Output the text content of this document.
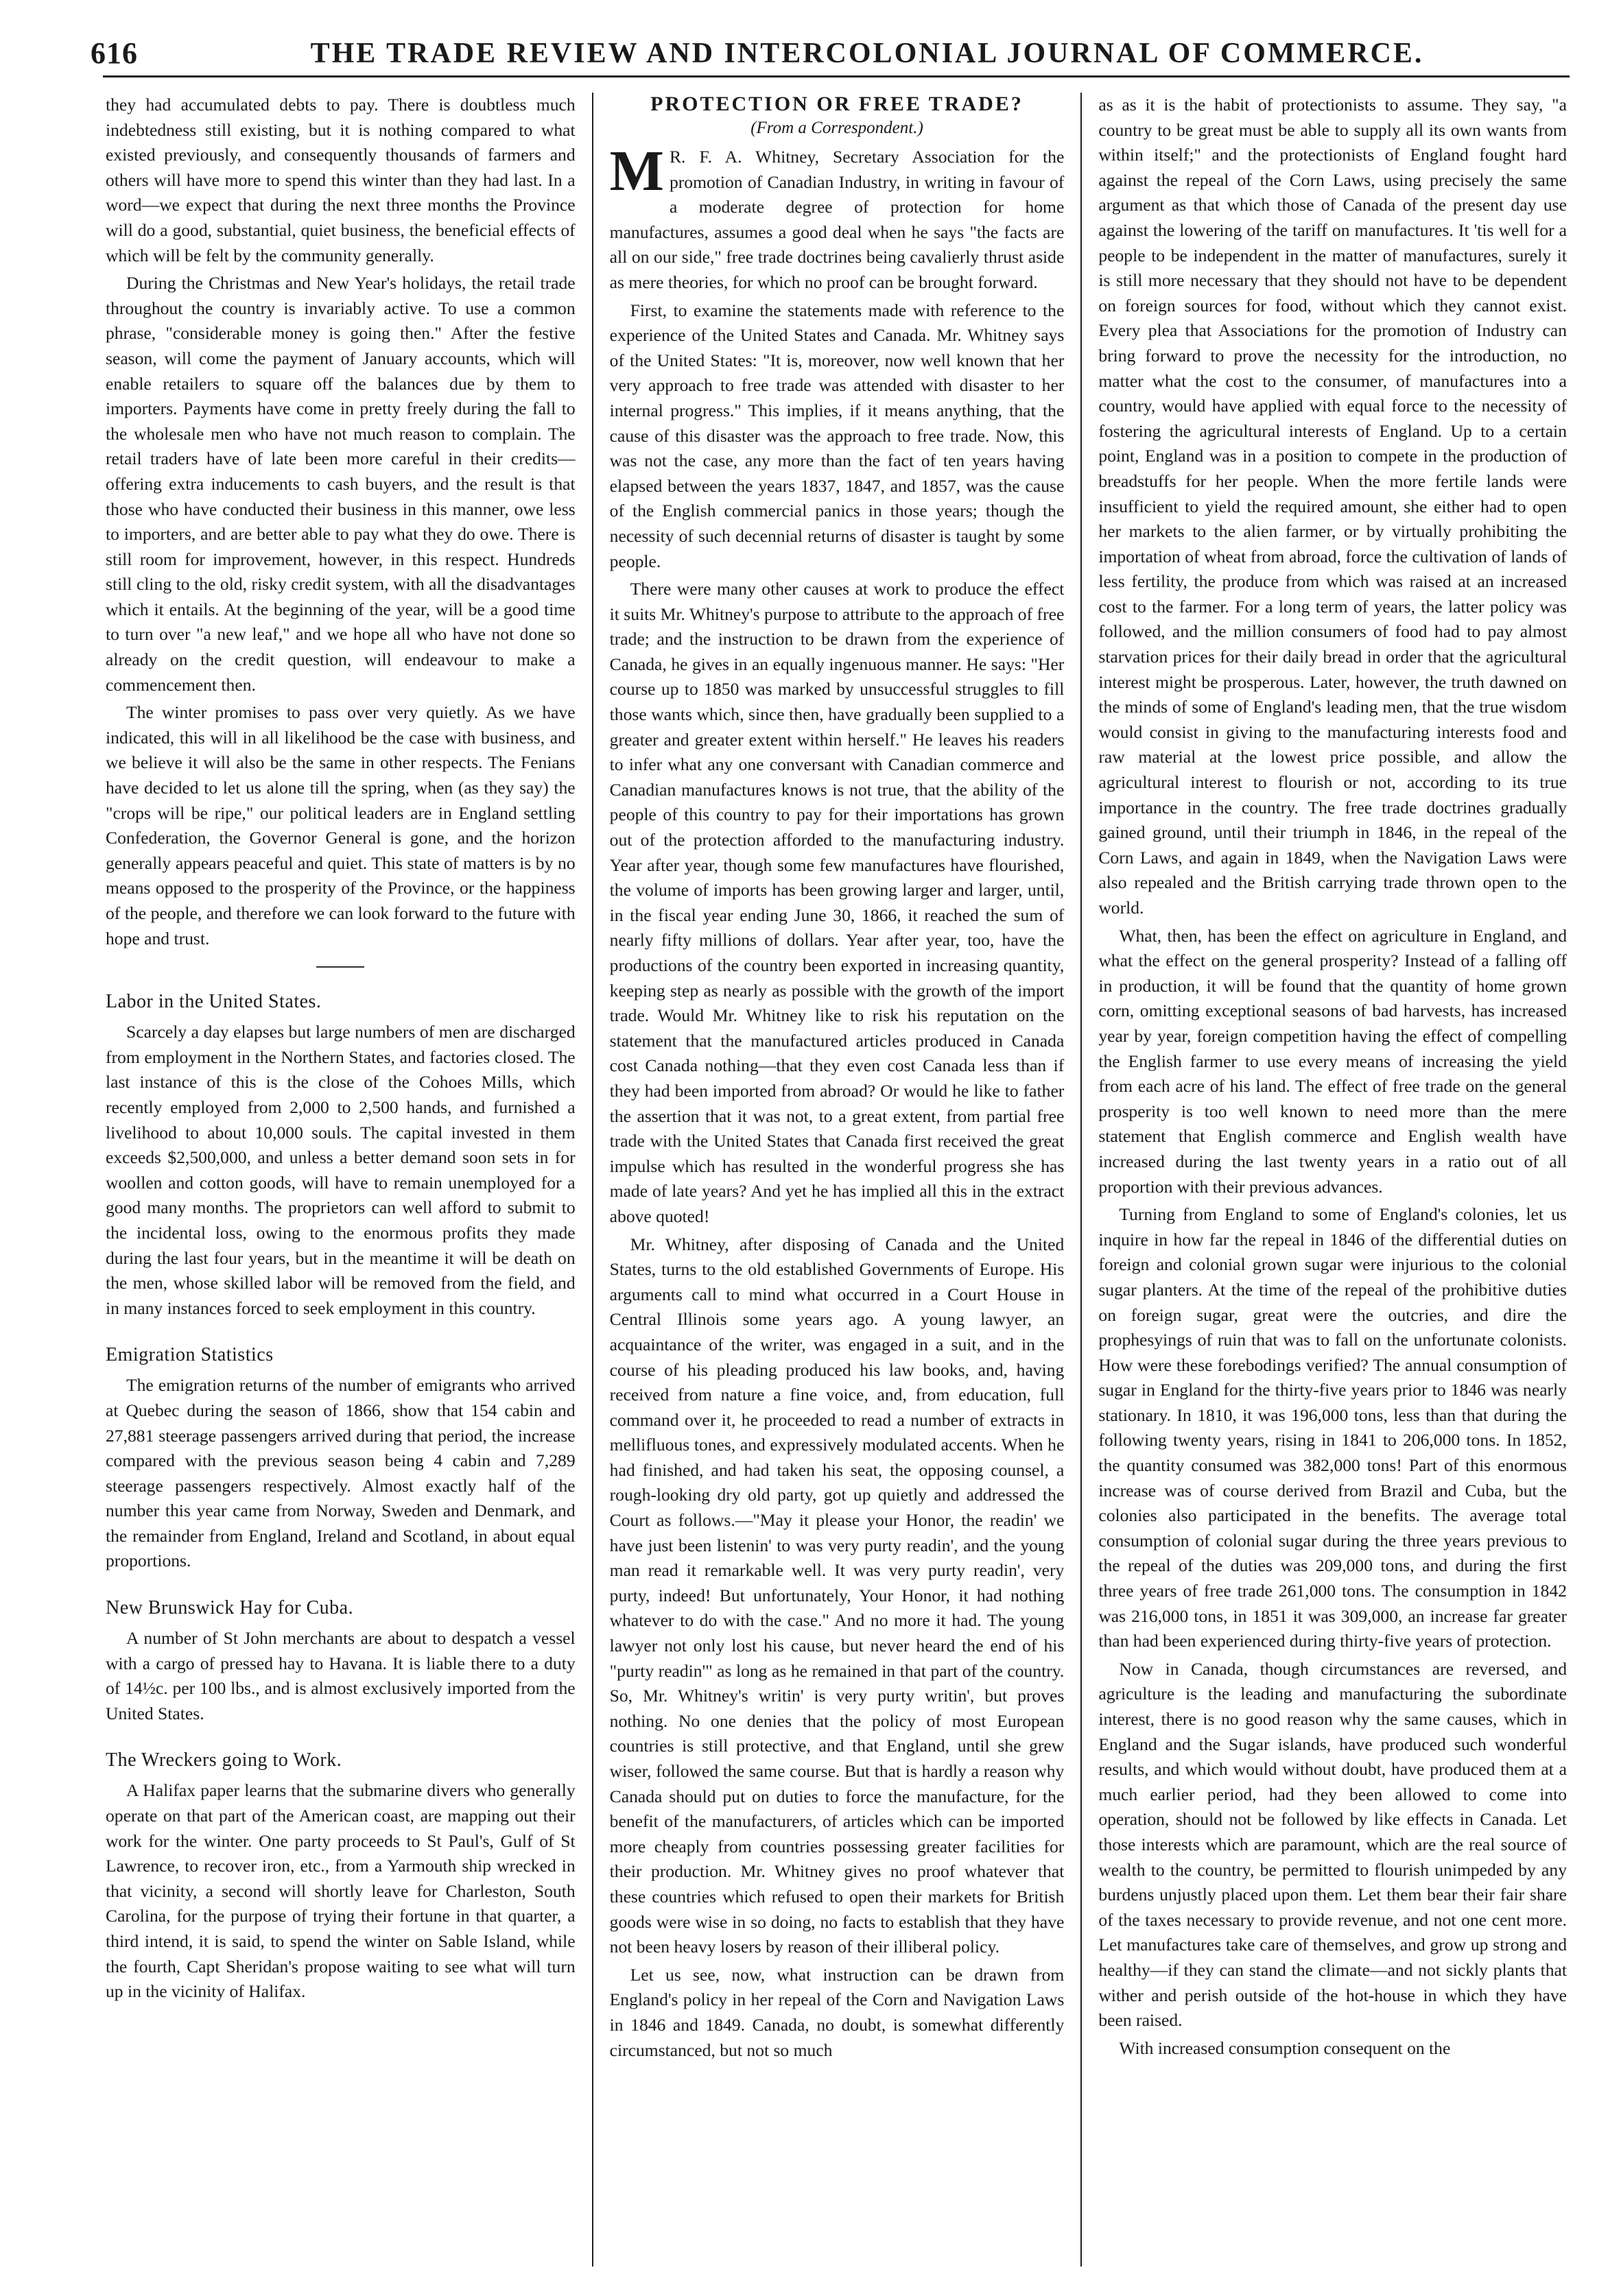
616	THE TRADE REVIEW AND INTERCOLONIAL JOURNAL OF COMMERCE.

they had accumulated debts to pay. There is doubtless much indebtedness still existing, but it is nothing compared to what existed previously, and consequently thousands of farmers and others will have more to spend this winter than they had last. In a word—we expect that during the next three months the Province will do a good, substantial, quiet business, the beneficial effects of which will be felt by the community generally.

During the Christmas and New Year's holidays, the retail trade throughout the country is invariably active. To use a common phrase, "considerable money is going then." After the festive season, will come the payment of January accounts, which will enable retailers to square off the balances due by them to importers. Payments have come in pretty freely during the fall to the wholesale men who have not much reason to complain. The retail traders have of late been more careful in their credits—offering extra inducements to cash buyers, and the result is that those who have conducted their business in this manner, owe less to importers, and are better able to pay what they do owe. There is still room for improvement, however, in this respect. Hundreds still cling to the old, risky credit system, with all the disadvantages which it entails. At the beginning of the year, will be a good time to turn over "a new leaf," and we hope all who have not done so already on the credit question, will endeavour to make a commencement then.

The winter promises to pass over very quietly. As we have indicated, this will in all likelihood be the case with business, and we believe it will also be the same in other respects. The Fenians have decided to let us alone till the spring, when (as they say) the "crops will be ripe," our political leaders are in England settling Confederation, the Governor General is gone, and the horizon generally appears peaceful and quiet. This state of matters is by no means opposed to the prosperity of the Province, or the happiness of the people, and therefore we can look forward to the future with hope and trust.

Labor in the United States.

Scarcely a day elapses but large numbers of men are discharged from employment in the Northern States, and factories closed. The last instance of this is the close of the Cohoes Mills, which recently employed from 2,000 to 2,500 hands, and furnished a livelihood to about 10,000 souls. The capital invested in them exceeds $2,500,000, and unless a better demand soon sets in for woollen and cotton goods, will have to remain unemployed for a good many months. The proprietors can well afford to submit to the incidental loss, owing to the enormous profits they made during the last four years, but in the meantime it will be death on the men, whose skilled labor will be removed from the field, and in many instances forced to seek employment in this country.

Emigration Statistics

The emigration returns of the number of emigrants who arrived at Quebec during the season of 1866, show that 154 cabin and 27,881 steerage passengers arrived during that period, the increase compared with the previous season being 4 cabin and 7,289 steerage passengers respectively. Almost exactly half of the number this year came from Norway, Sweden and Denmark, and the remainder from England, Ireland and Scotland, in about equal proportions.

New Brunswick Hay for Cuba.

A number of St John merchants are about to despatch a vessel with a cargo of pressed hay to Havana. It is liable there to a duty of 14½c. per 100 lbs., and is almost exclusively imported from the United States.

The Wreckers going to Work.

A Halifax paper learns that the submarine divers who generally operate on that part of the American coast, are mapping out their work for the winter. One party proceeds to St Paul's, Gulf of St Lawrence, to recover iron, etc., from a Yarmouth ship wrecked in that vicinity, a second will shortly leave for Charleston, South Carolina, for the purpose of trying their fortune in that quarter, a third intend, it is said, to spend the winter on Sable Island, while the fourth, Capt Sheridan's propose waiting to see what will turn up in the vicinity of Halifax.

PROTECTION OR FREE TRADE?
(From a Correspondent.)

M R. F. A. Whitney, Secretary Association for the promotion of Canadian Industry, in writing in favour of a moderate degree of protection for home manufactures, assumes a good deal when he says "the facts are all on our side," free trade doctrines being cavalierly thrust aside as mere theories, for which no proof can be brought forward.

First, to examine the statements made with reference to the experience of the United States and Canada. Mr. Whitney says of the United States: "It is, moreover, now well known that her very approach to free trade was attended with disaster to her internal progress." This implies, if it means anything, that the cause of this disaster was the approach to free trade. Now, this was not the case, any more than the fact of ten years having elapsed between the years 1837, 1847, and 1857, was the cause of the English commercial panics in those years; though the necessity of such decennial returns of disaster is taught by some people.

There were many other causes at work to produce the effect it suits Mr. Whitney's purpose to attribute to the approach of free trade; and the instruction to be drawn from the experience of Canada, he gives in an equally ingenuous manner. He says: "Her course up to 1850 was marked by unsuccessful struggles to fill those wants which, since then, have gradually been supplied to a greater and greater extent within herself." He leaves his readers to infer what any one conversant with Canadian commerce and Canadian manufactures knows is not true, that the ability of the people of this country to pay for their importations has grown out of the protection afforded to the manufacturing industry. Year after year, though some few manufactures have flourished, the volume of imports has been growing larger and larger, until, in the fiscal year ending June 30, 1866, it reached the sum of nearly fifty millions of dollars. Year after year, too, have the productions of the country been exported in increasing quantity, keeping step as nearly as possible with the growth of the import trade. Would Mr. Whitney like to risk his reputation on the statement that the manufactured articles produced in Canada cost Canada nothing—that they even cost Canada less than if they had been imported from abroad? Or would he like to father the assertion that it was not, to a great extent, from partial free trade with the United States that Canada first received the great impulse which has resulted in the wonderful progress she has made of late years? And yet he has implied all this in the extract above quoted!

Mr. Whitney, after disposing of Canada and the United States, turns to the old established Governments of Europe. His arguments call to mind what occurred in a Court House in Central Illinois some years ago. A young lawyer, an acquaintance of the writer, was engaged in a suit, and in the course of his pleading produced his law books, and, having received from nature a fine voice, and, from education, full command over it, he proceeded to read a number of extracts in mellifluous tones, and expressively modulated accents. When he had finished, and had taken his seat, the opposing counsel, a rough-looking dry old party, got up quietly and addressed the Court as follows.—"May it please your Honor, the readin' we have just been listenin' to was very purty readin', and the young man read it remarkable well. It was very purty readin', very purty, indeed! But unfortunately, Your Honor, it had nothing whatever to do with the case." And no more it had. The young lawyer not only lost his cause, but never heard the end of his "purty readin'" as long as he remained in that part of the country. So, Mr. Whitney's writin' is very purty writin', but proves nothing. No one denies that the policy of most European countries is still protective, and that England, until she grew wiser, followed the same course. But that is hardly a reason why Canada should put on duties to force the manufacture, for the benefit of the manufacturers, of articles which can be imported more cheaply from countries possessing greater facilities for their production. Mr. Whitney gives no proof whatever that these countries which refused to open their markets for British goods were wise in so doing, no facts to establish that they have not been heavy losers by reason of their illiberal policy.

Let us see, now, what instruction can be drawn from England's policy in her repeal of the Corn and Navigation Laws in 1846 and 1849. Canada, no doubt, is somewhat differently circumstanced, but not so much

as as it is the habit of protectionists to assume. They say, "a country to be great must be able to supply all its own wants from within itself;" and the protectionists of England fought hard against the repeal of the Corn Laws, using precisely the same argument as that which those of Canada of the present day use against the lowering of the tariff on manufactures. It 'tis well for a people to be independent in the matter of manufactures, surely it is still more necessary that they should not have to be dependent on foreign sources for food, without which they cannot exist. Every plea that Associations for the promotion of Industry can bring forward to prove the necessity for the introduction, no matter what the cost to the consumer, of manufactures into a country, would have applied with equal force to the necessity of fostering the agricultural interests of England. Up to a certain point, England was in a position to compete in the production of breadstuffs for her people. When the more fertile lands were insufficient to yield the required amount, she either had to open her markets to the alien farmer, or by virtually prohibiting the importation of wheat from abroad, force the cultivation of lands of less fertility, the produce from which was raised at an increased cost to the farmer. For a long term of years, the latter policy was followed, and the million consumers of food had to pay almost starvation prices for their daily bread in order that the agricultural interest might be prosperous. Later, however, the truth dawned on the minds of some of England's leading men, that the true wisdom would consist in giving to the manufacturing interests food and raw material at the lowest price possible, and allow the agricultural interest to flourish or not, according to its true importance in the country. The free trade doctrines gradually gained ground, until their triumph in 1846, in the repeal of the Corn Laws, and again in 1849, when the Navigation Laws were also repealed and the British carrying trade thrown open to the world.

What, then, has been the effect on agriculture in England, and what the effect on the general prosperity? Instead of a falling off in production, it will be found that the quantity of home grown corn, omitting exceptional seasons of bad harvests, has increased year by year, foreign competition having the effect of compelling the English farmer to use every means of increasing the yield from each acre of his land. The effect of free trade on the general prosperity is too well known to need more than the mere statement that English commerce and English wealth have increased during the last twenty years in a ratio out of all proportion with their previous advances.

Turning from England to some of England's colonies, let us inquire in how far the repeal in 1846 of the differential duties on foreign and colonial grown sugar were injurious to the colonial sugar planters. At the time of the repeal of the prohibitive duties on foreign sugar, great were the outcries, and dire the prophesyings of ruin that was to fall on the unfortunate colonists. How were these forebodings verified? The annual consumption of sugar in England for the thirty-five years prior to 1846 was nearly stationary. In 1810, it was 196,000 tons, less than that during the following twenty years, rising in 1841 to 206,000 tons. In 1852, the quantity consumed was 382,000 tons! Part of this enormous increase was of course derived from Brazil and Cuba, but the colonies also participated in the benefits. The average total consumption of colonial sugar during the three years previous to the repeal of the duties was 209,000 tons, and during the first three years of free trade 261,000 tons. The consumption in 1842 was 216,000 tons, in 1851 it was 309,000, an increase far greater than had been experienced during thirty-five years of protection.

Now in Canada, though circumstances are reversed, and agriculture is the leading and manufacturing the subordinate interest, there is no good reason why the same causes, which in England and the Sugar islands, have produced such wonderful results, and which would without doubt, have produced them at a much earlier period, had they been allowed to come into operation, should not be followed by like effects in Canada. Let those interests which are paramount, which are the real source of wealth to the country, be permitted to flourish unimpeded by any burdens unjustly placed upon them. Let them bear their fair share of the taxes necessary to provide revenue, and not one cent more. Let manufactures take care of themselves, and grow up strong and healthy—if they can stand the climate—and not sickly plants that wither and perish outside of the hot-house in which they have been raised.

With increased consumption consequent on the
